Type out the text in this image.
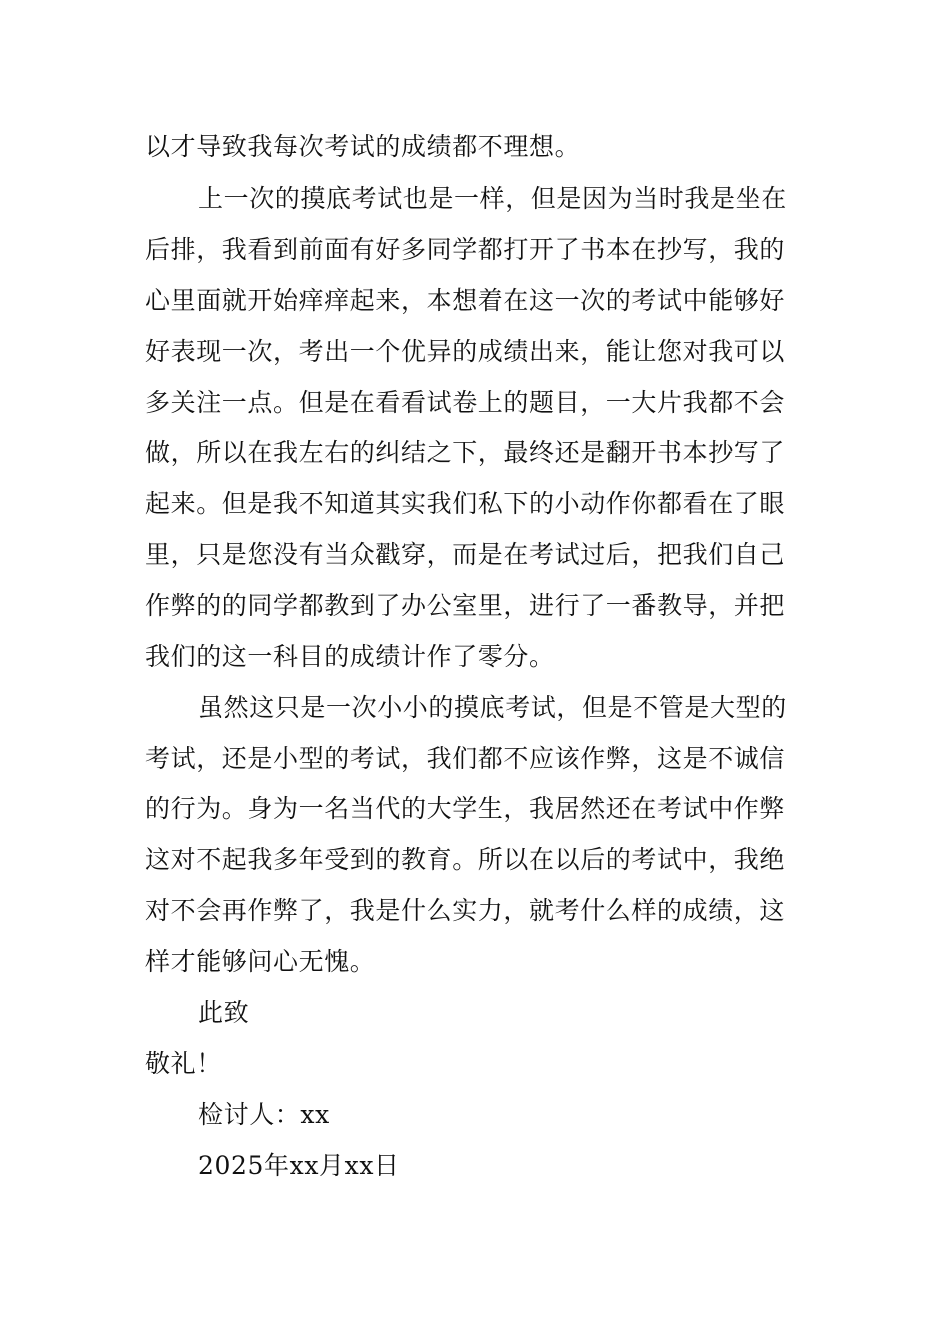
以才导致我每次考试的成绩都不理想。
上一次的摸底考试也是一样，但是因为当时我是坐在
后排，我看到前面有好多同学都打开了书本在抄写，我的
心里面就开始痒痒起来，本想着在这一次的考试中能够好
好表现一次，考出一个优异的成绩出来，能让您对我可以
多关注一点。但是在看看试卷上的题目，一大片我都不会
做，所以在我左右的纠结之下，最终还是翻开书本抄写了
起来。但是我不知道其实我们私下的小动作你都看在了眼
里，只是您没有当众戳穿，而是在考试过后，把我们自己
作弊的的同学都教到了办公室里，进行了一番教导，并把
我们的这一科目的成绩计作了零分。
虽然这只是一次小小的摸底考试，但是不管是大型的
考试，还是小型的考试，我们都不应该作弊，这是不诚信
的行为。身为一名当代的大学生，我居然还在考试中作弊
这对不起我多年受到的教育。所以在以后的考试中，我绝
对不会再作弊了，我是什么实力，就考什么样的成绩，这
样才能够问心无愧。
此致
敬礼！
检讨人：xx
2025年xx月xx日
